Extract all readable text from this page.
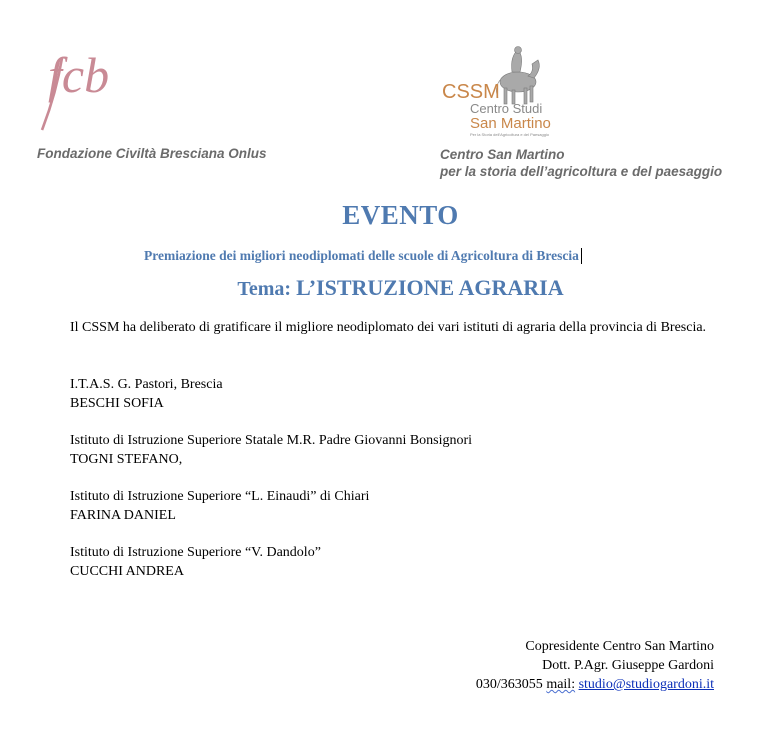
fcb
Fondazione Civiltà Bresciana Onlus
CSSM
Centro Studi
San Martino
Per la Storia dell'Agricoltura e del Paesaggio
Centro San Martino
per la storia dell’agricoltura e del paesaggio
EVENTO
Premiazione dei migliori neodiplomati delle scuole di Agricoltura di Brescia
Tema: L’ISTRUZIONE AGRARIA
Il CSSM ha deliberato di gratificare il migliore neodiplomato dei vari istituti di agraria della provincia di Brescia.
I.T.A.S. G. Pastori, Brescia
BESCHI SOFIA
Istituto di Istruzione Superiore Statale M.R. Padre Giovanni Bonsignori
TOGNI STEFANO,
Istituto di Istruzione Superiore “L. Einaudi” di Chiari
FARINA DANIEL
Istituto di Istruzione Superiore “V. Dandolo”
CUCCHI ANDREA
Copresidente Centro San Martino
Dott. P.Agr. Giuseppe Gardoni
030/363055 mail: studio@studiogardoni.it
